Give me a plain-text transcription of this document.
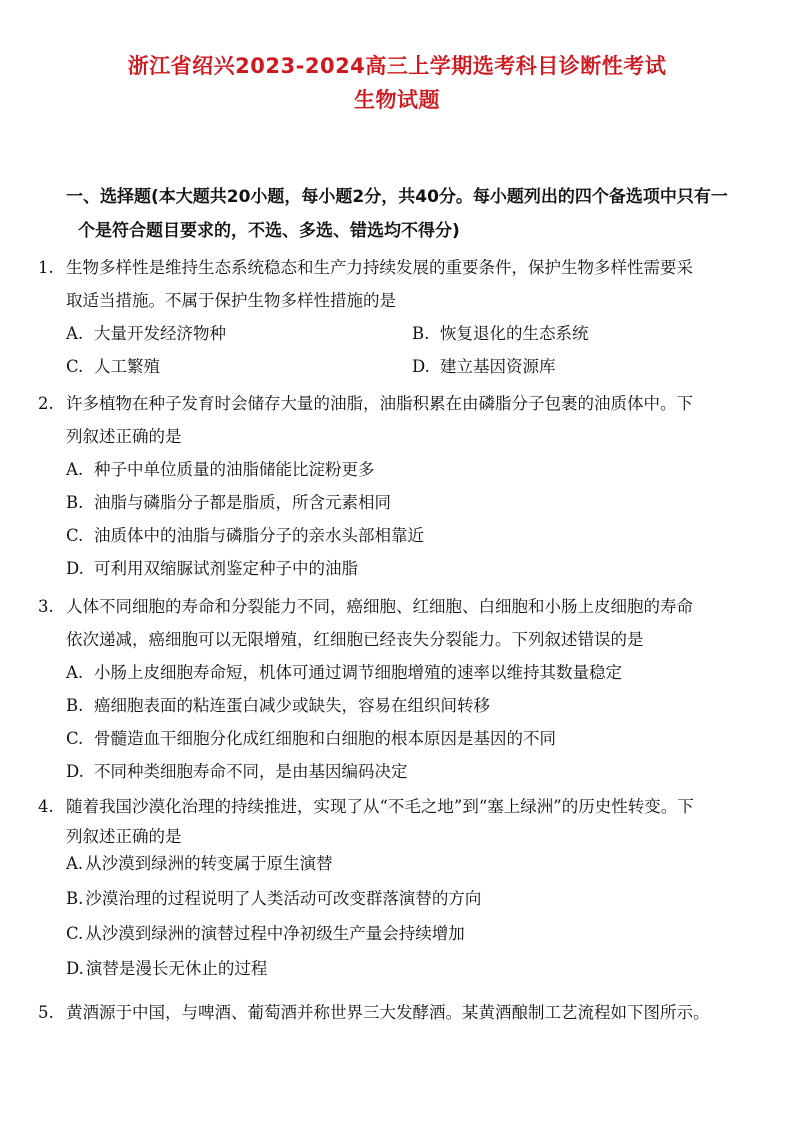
浙江省绍兴2023-2024高三上学期选考科目诊断性考试
生物试题
一、选择题(本大题共20小题，每小题2分，共40分。每小题列出的四个备选项中只有一
个是符合题目要求的，不选、多选、错选均不得分)
1. 生物多样性是维持生态系统稳态和生产力持续发展的重要条件，保护生物多样性需要采
取适当措施。不属于保护生物多样性措施的是
A. 大量开发经济物种	B. 恢复退化的生态系统
C. 人工繁殖	D. 建立基因资源库
2. 许多植物在种子发育时会储存大量的油脂，油脂积累在由磷脂分子包裹的油质体中。下
列叙述正确的是
A. 种子中单位质量的油脂储能比淀粉更多
B. 油脂与磷脂分子都是脂质，所含元素相同
C. 油质体中的油脂与磷脂分子的亲水头部相靠近
D. 可利用双缩脲试剂鉴定种子中的油脂
3. 人体不同细胞的寿命和分裂能力不同，癌细胞、红细胞、白细胞和小肠上皮细胞的寿命
依次递减，癌细胞可以无限增殖，红细胞已经丧失分裂能力。下列叙述错误的是
A. 小肠上皮细胞寿命短，机体可通过调节细胞增殖的速率以维持其数量稳定
B. 癌细胞表面的粘连蛋白减少或缺失，容易在组织间转移
C. 骨髓造血干细胞分化成红细胞和白细胞的根本原因是基因的不同
D. 不同种类细胞寿命不同，是由基因编码决定
4. 随着我国沙漠化治理的持续推进，实现了从“不毛之地”到“塞上绿洲”的历史性转变。下
列叙述正确的是
A. 从沙漠到绿洲的转变属于原生演替
B. 沙漠治理的过程说明了人类活动可改变群落演替的方向
C. 从沙漠到绿洲的演替过程中净初级生产量会持续增加
D. 演替是漫长无休止的过程
5. 黄酒源于中国，与啤酒、葡萄酒并称世界三大发酵酒。某黄酒酿制工艺流程如下图所示。
